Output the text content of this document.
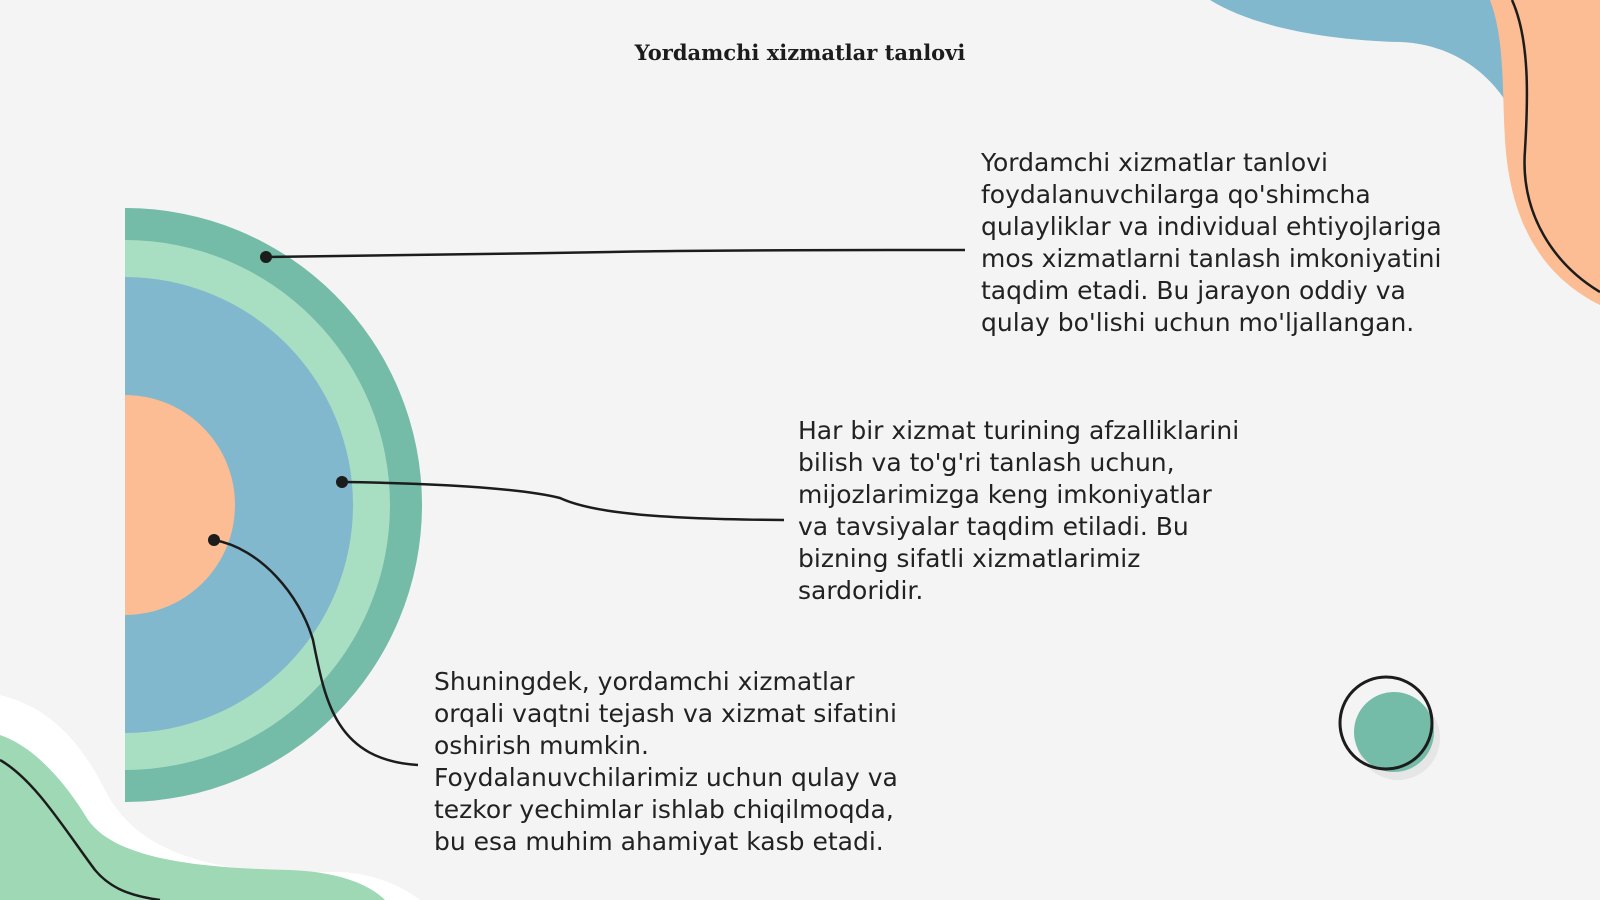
Yordamchi xizmatlar tanlovi

Yordamchi xizmatlar tanlovi foydalanuvchilarga qo'shimcha qulayliklar va individual ehtiyojlariga mos xizmatlarni tanlash imkoniyatini taqdim etadi. Bu jarayon oddiy va qulay bo'lishi uchun mo'ljallangan.

Har bir xizmat turining afzalliklarini bilish va to'g'ri tanlash uchun, mijozlarimizga keng imkoniyatlar va tavsiyalar taqdim etiladi. Bu bizning sifatli xizmatlarimiz sardoridir.

Shuningdek, yordamchi xizmatlar orqali vaqtni tejash va xizmat sifatini oshirish mumkin. Foydalanuvchilarimiz uchun qulay va tezkor yechimlar ishlab chiqilmoqda, bu esa muhim ahamiyat kasb etadi.
